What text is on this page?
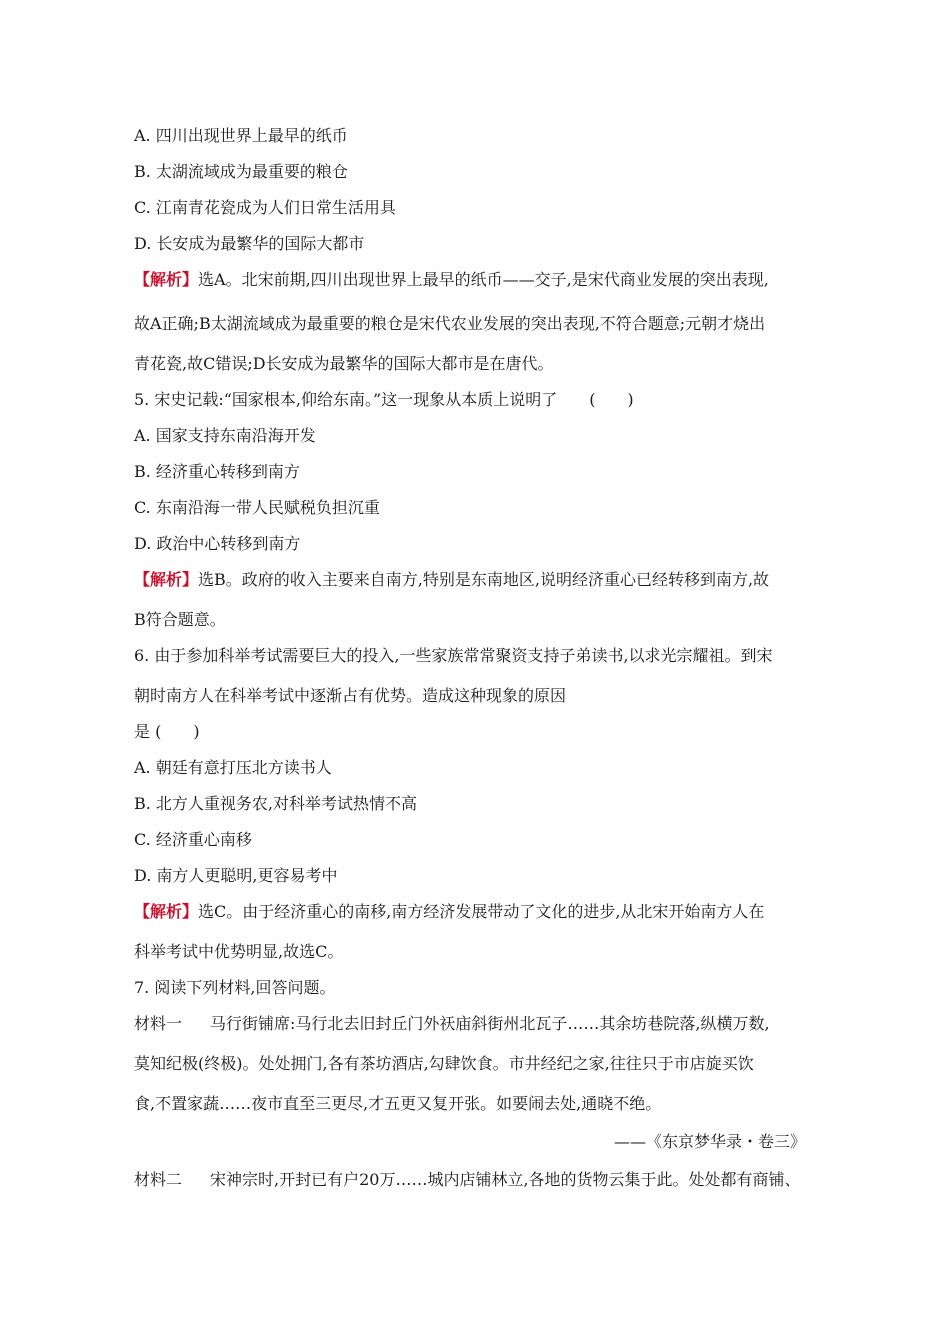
A. 四川出现世界上最早的纸币
B. 太湖流域成为最重要的粮仓
C. 江南青花瓷成为人们日常生活用具
D. 长安成为最繁华的国际大都市
【解析】选A。北宋前期,四川出现世界上最早的纸币——交子,是宋代商业发展的突出表现,
故A正确;B太湖流域成为最重要的粮仓是宋代农业发展的突出表现,不符合题意;元朝才烧出
青花瓷,故C错误;D长安成为最繁华的国际大都市是在唐代。
5. 宋史记载:“国家根本,仰给东南。”这一现象从本质上说明了　　(　　)
A. 国家支持东南沿海开发
B. 经济重心转移到南方
C. 东南沿海一带人民赋税负担沉重
D. 政治中心转移到南方
【解析】选B。政府的收入主要来自南方,特别是东南地区,说明经济重心已经转移到南方,故
B符合题意。
6. 由于参加科举考试需要巨大的投入,一些家族常常聚资支持子弟读书,以求光宗耀祖。到宋
朝时南方人在科举考试中逐渐占有优势。造成这种现象的原因
是 (　　)
A. 朝廷有意打压北方读书人
B. 北方人重视务农,对科举考试热情不高
C. 经济重心南移
D. 南方人更聪明,更容易考中
【解析】选C。由于经济重心的南移,南方经济发展带动了文化的进步,从北宋开始南方人在
科举考试中优势明显,故选C。
7. 阅读下列材料,回答问题。
材料一 马行街铺席:马行北去旧封丘门外祆庙斜街州北瓦子……其余坊巷院落,纵横万数,
莫知纪极(终极)。处处拥门,各有茶坊酒店,勾肆饮食。市井经纪之家,往往只于市店旋买饮
食,不置家蔬……夜市直至三更尽,才五更又复开张。如要闹去处,通晓不绝。
——《东京梦华录・卷三》
材料二 宋神宗时,开封已有户20万……城内店铺林立,各地的货物云集于此。处处都有商铺、
